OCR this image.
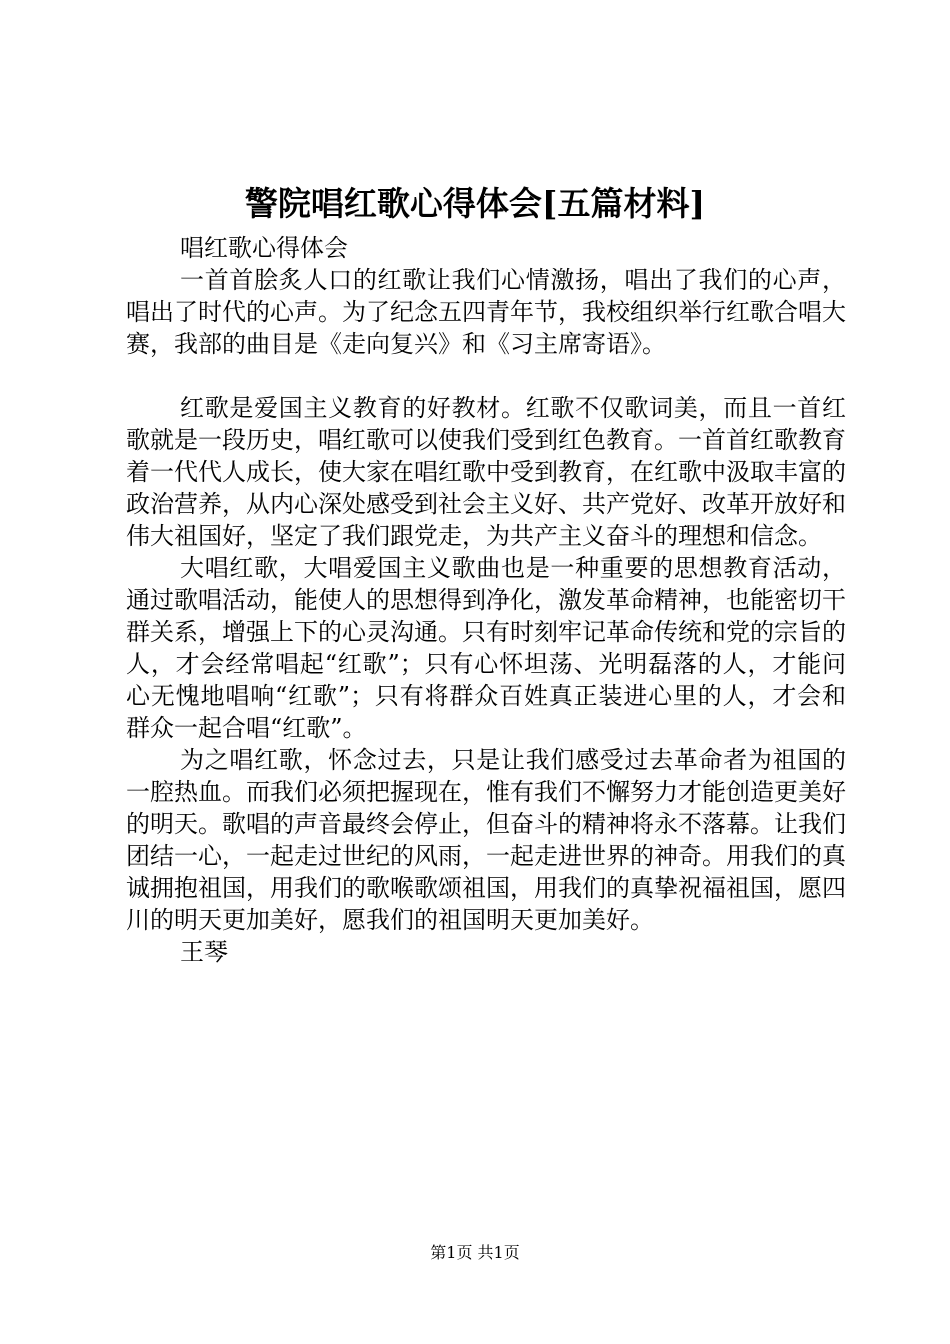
警院唱红歌心得体会[五篇材料]

唱红歌心得体会

一首首脍炙人口的红歌让我们心情激扬，唱出了我们的心声，唱出了时代的心声。为了纪念五四青年节，我校组织举行红歌合唱大赛，我部的曲目是《走向复兴》和《习主席寄语》。

红歌是爱国主义教育的好教材。红歌不仅歌词美，而且一首红歌就是一段历史，唱红歌可以使我们受到红色教育。一首首红歌教育着一代代人成长，使大家在唱红歌中受到教育，在红歌中汲取丰富的政治营养，从内心深处感受到社会主义好、共产党好、改革开放好和伟大祖国好，坚定了我们跟党走，为共产主义奋斗的理想和信念。

大唱红歌，大唱爱国主义歌曲也是一种重要的思想教育活动，通过歌唱活动，能使人的思想得到净化，激发革命精神，也能密切干群关系，增强上下的心灵沟通。只有时刻牢记革命传统和党的宗旨的人，才会经常唱起“红歌”；只有心怀坦荡、光明磊落的人，才能问心无愧地唱响“红歌”；只有将群众百姓真正装进心里的人，才会和群众一起合唱“红歌”。

为之唱红歌，怀念过去，只是让我们感受过去革命者为祖国的一腔热血。而我们必须把握现在，惟有我们不懈努力才能创造更美好的明天。歌唱的声音最终会停止，但奋斗的精神将永不落幕。让我们团结一心，一起走过世纪的风雨，一起走进世界的神奇。用我们的真诚拥抱祖国，用我们的歌喉歌颂祖国，用我们的真挚祝福祖国，愿四川的明天更加美好，愿我们的祖国明天更加美好。

王琴

第1页 共1页
